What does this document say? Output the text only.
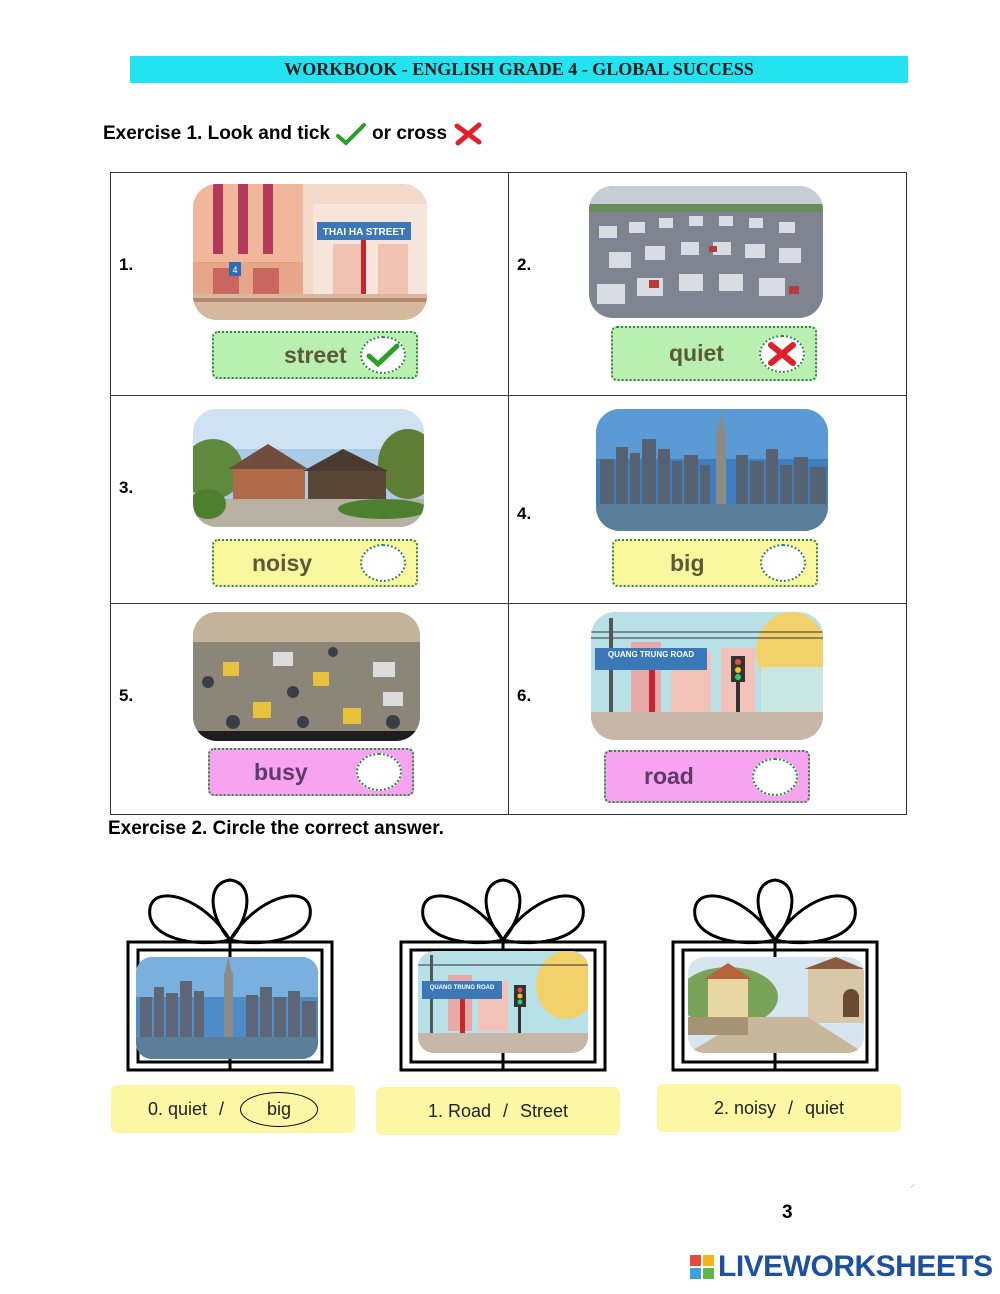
WORKBOOK - ENGLISH GRADE 4 - GLOBAL SUCCESS
Exercise 1. Look and tick or cross
1.
THAI HA STREET
4
street
2.
quiet
3.
noisy
4.
big
5.
busy
6.
QUANG TRUNG ROAD
road
Exercise 2. Circle the correct answer.
0. quiet / big
QUANG TRUNG ROAD
1. Road / Street	2. noisy / quiet
⸝
3
LIVEWORKSHEETS
